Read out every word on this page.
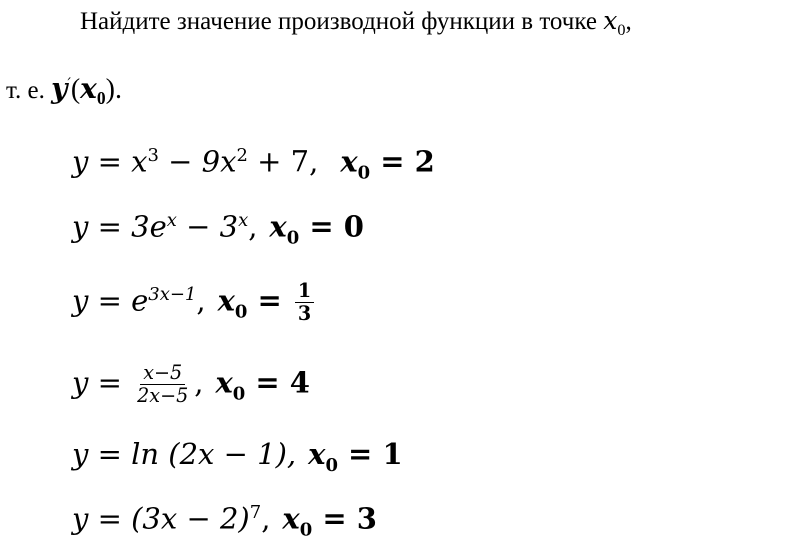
Найдите значение производной функции в точке $x_0$,
т. е. $y'(x_0)$.
$y = x^3 - 9x^2 + 7$, $x_0 = 2$
$y = 3e^x - 3^x$, $x_0 = 0$
$y = e^{3x-1}$, $x_0 = \frac{1}{3}$
$y = \frac{x-5}{2x-5}$ , $x_0 = 4$
y = ln (2x − 1), $x_0 = 1$
$y = (3x - 2)^7$, $x_0 = 3$
